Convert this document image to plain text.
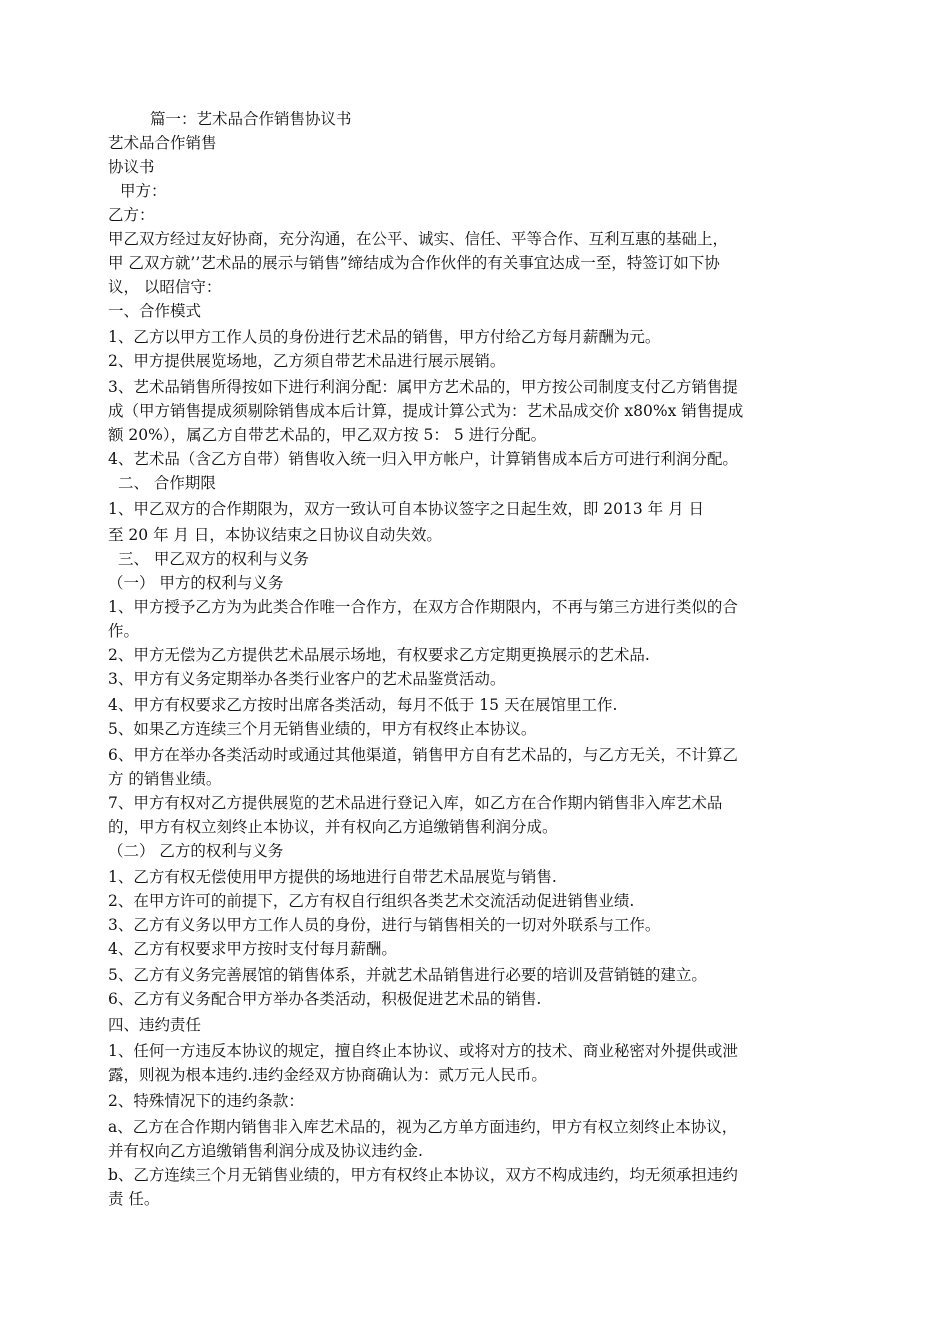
篇一：艺术品合作销售协议书
艺术品合作销售
协议书
甲方：
乙方：
甲乙双方经过友好协商，充分沟通，在公平、诚实、信任、平等合作、互利互惠的基础上，
甲 乙双方就’’艺术品的展示与销售”缔结成为合作伙伴的有关事宜达成一至，特签订如下协
议， 以昭信守：
一、合作模式
1、乙方以甲方工作人员的身份进行艺术品的销售，甲方付给乙方每月薪酬为元。
2、甲方提供展览场地，乙方须自带艺术品进行展示展销。
3、艺术品销售所得按如下进行利润分配：属甲方艺术品的，甲方按公司制度支付乙方销售提
成（甲方销售提成须剔除销售成本后计算，提成计算公式为：艺术品成交价 x80%x 销售提成
额 20%），属乙方自带艺术品的，甲乙双方按 5： 5 进行分配。
4、艺术品（含乙方自带）销售收入统一归入甲方帐户，计算销售成本后方可进行利润分配。
二、 合作期限
1、甲乙双方的合作期限为，双方一致认可自本协议签字之日起生效，即 2013 年 月 日
至 20 年 月 日，本协议结束之日协议自动失效。
三、 甲乙双方的权利与义务
（一） 甲方的权利与义务
1、甲方授予乙方为为此类合作唯一合作方，在双方合作期限内，不再与第三方进行类似的合
作。
2、甲方无偿为乙方提供艺术品展示场地，有权要求乙方定期更换展示的艺术品.
3、甲方有义务定期举办各类行业客户的艺术品鉴赏活动。
4、甲方有权要求乙方按时出席各类活动，每月不低于 15 天在展馆里工作.
5、如果乙方连续三个月无销售业绩的，甲方有权终止本协议。
6、甲方在举办各类活动时或通过其他渠道，销售甲方自有艺术品的，与乙方无关，不计算乙
方 的销售业绩。
7、甲方有权对乙方提供展览的艺术品进行登记入库，如乙方在合作期内销售非入库艺术品
的，甲方有权立刻终止本协议，并有权向乙方追缴销售利润分成。
（二） 乙方的权利与义务
1、乙方有权无偿使用甲方提供的场地进行自带艺术品展览与销售.
2、在甲方许可的前提下，乙方有权自行组织各类艺术交流活动促进销售业绩.
3、乙方有义务以甲方工作人员的身份，进行与销售相关的一切对外联系与工作。
4、乙方有权要求甲方按时支付每月薪酬。
5、乙方有义务完善展馆的销售体系，并就艺术品销售进行必要的培训及营销链的建立。
6、乙方有义务配合甲方举办各类活动，积极促进艺术品的销售.
四、违约责任
1、任何一方违反本协议的规定，擅自终止本协议、或将对方的技术、商业秘密对外提供或泄
露，则视为根本违约.违约金经双方协商确认为：贰万元人民币。
2、特殊情况下的违约条款：
a、乙方在合作期内销售非入库艺术品的，视为乙方单方面违约，甲方有权立刻终止本协议，
并有权向乙方追缴销售利润分成及协议违约金.
b、乙方连续三个月无销售业绩的，甲方有权终止本协议，双方不构成违约，均无须承担违约
责 任。
